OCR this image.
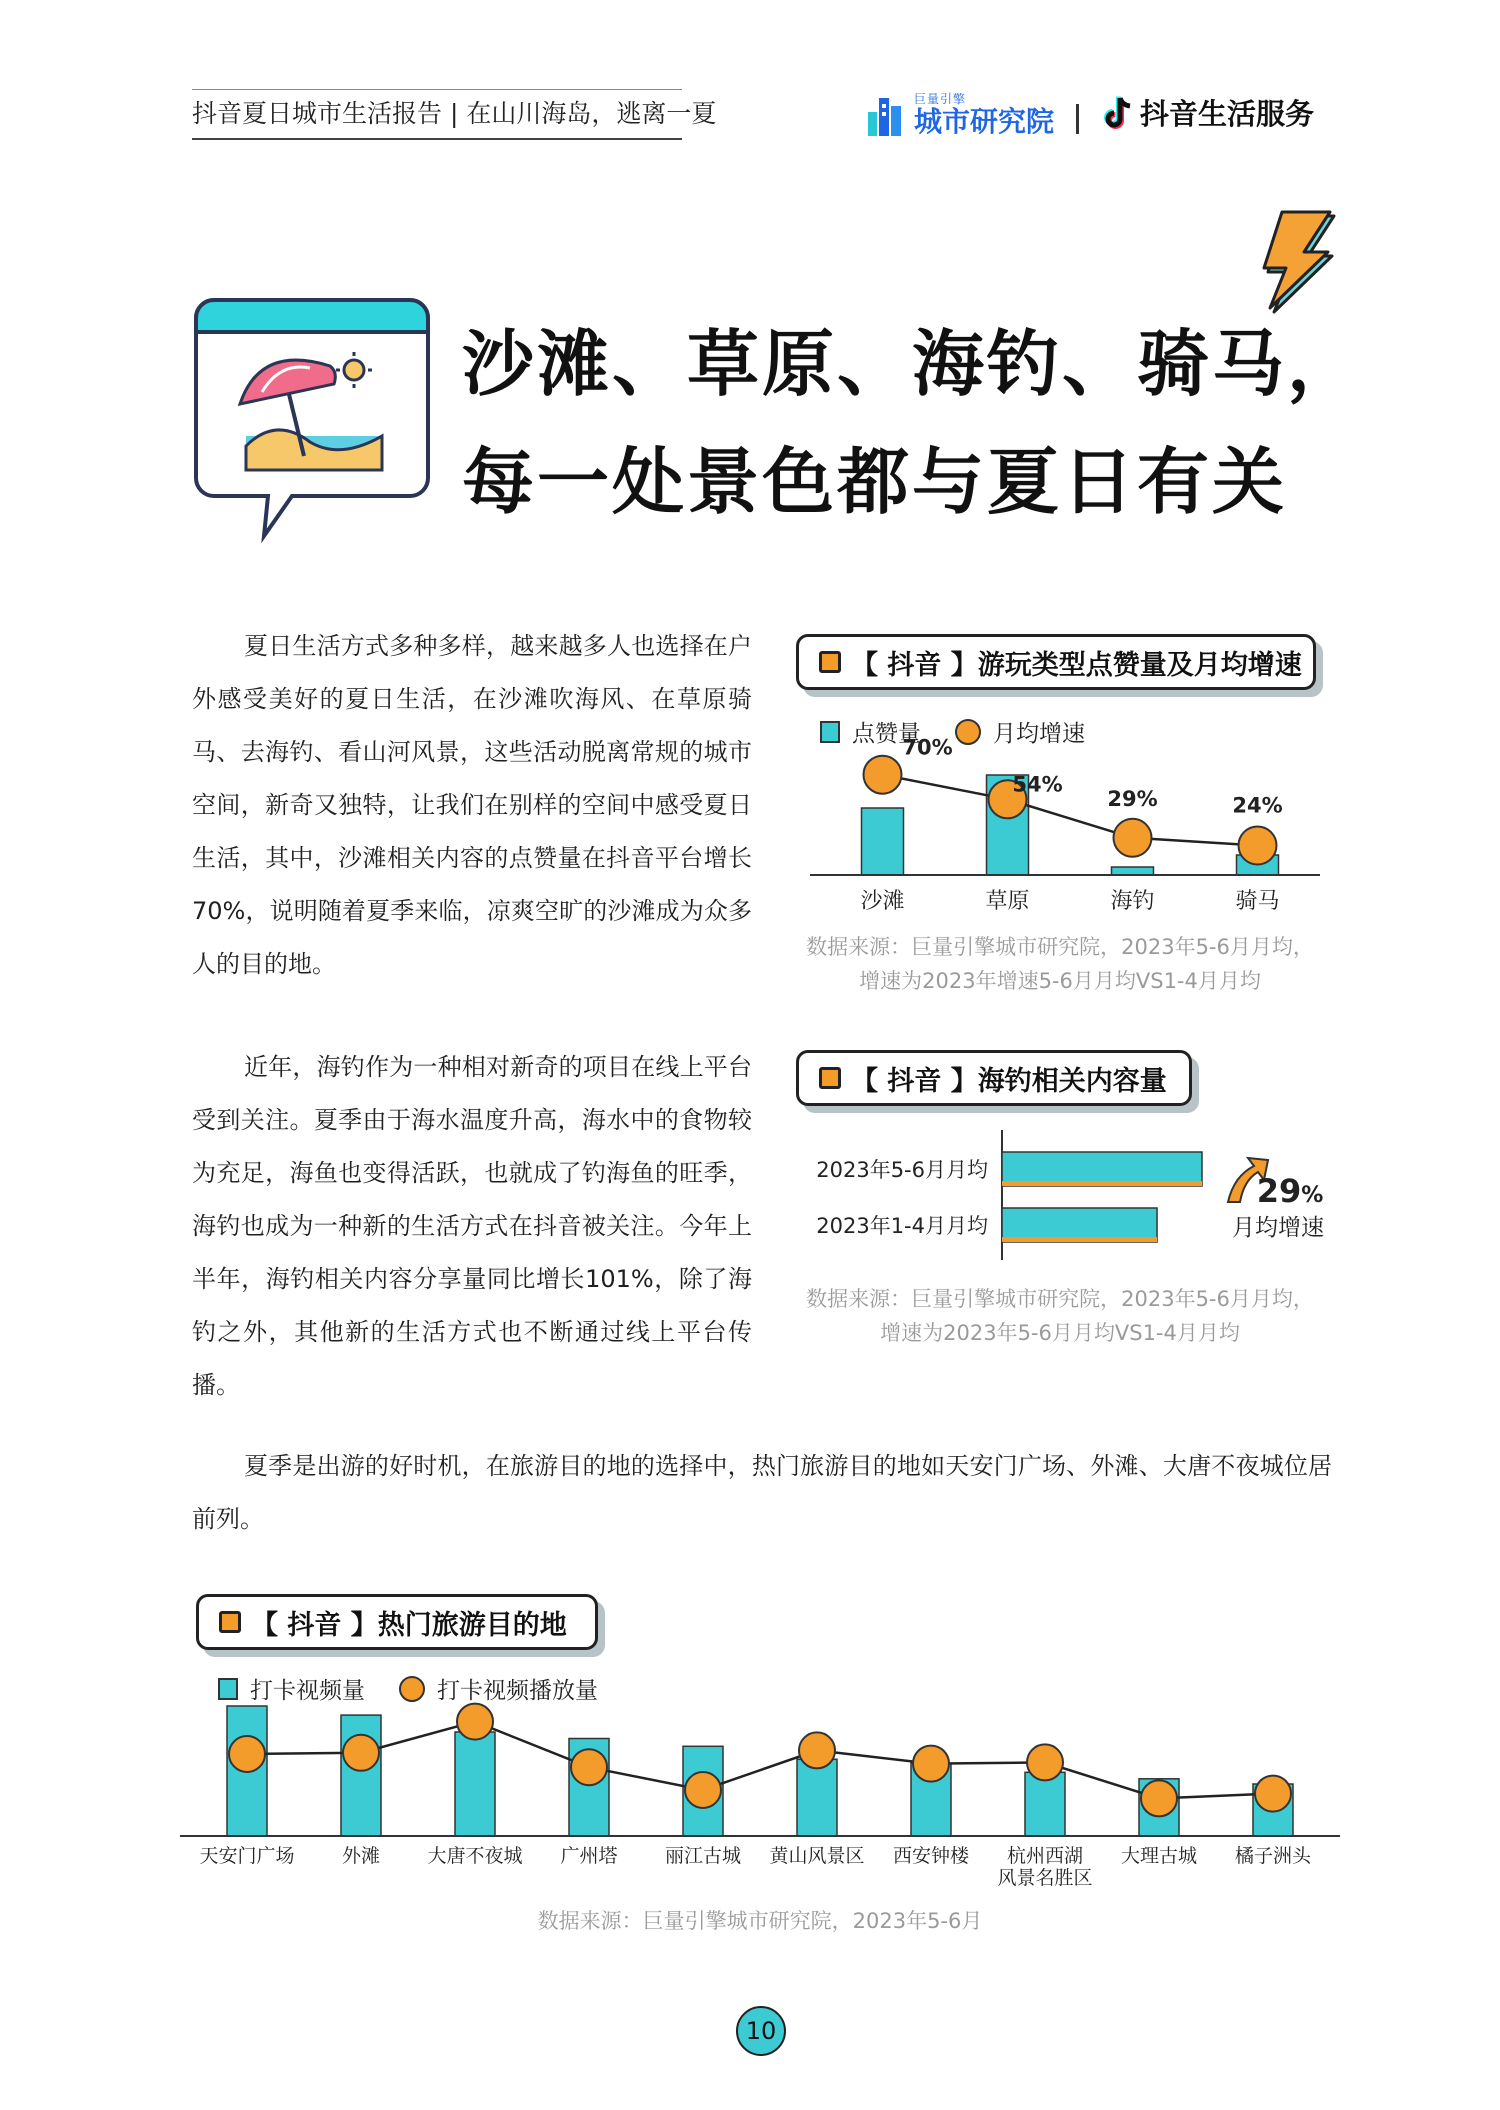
抖音夏日城市生活报告 | 在山川海岛，逃离一夏
巨量引擎
城市研究院	抖音生活服务
沙滩、草原、海钓、骑马，
每一处景色都与夏日有关
夏日生活方式多种多样，越来越多人也选择在户外感受美好的夏日生活，在沙滩吹海风、在草原骑马、去海钓、看山河风景，这些活动脱离常规的城市空间，新奇又独特，让我们在别样的空间中感受夏日生活，其中，沙滩相关内容的点赞量在抖音平台增长70%，说明随着夏季来临，凉爽空旷的沙滩成为众多人的目的地。
近年，海钓作为一种相对新奇的项目在线上平台受到关注。夏季由于海水温度升高，海水中的食物较为充足，海鱼也变得活跃，也就成了钓海鱼的旺季，海钓也成为一种新的生活方式在抖音被关注。今年上半年，海钓相关内容分享量同比增长101%，除了海钓之外，其他新的生活方式也不断通过线上平台传播。
夏季是出游的好时机，在旅游目的地的选择中，热门旅游目的地如天安门广场、外滩、大唐不夜城位居前列。
【 抖音 】游玩类型点赞量及月均增速
点赞量	月均增速
沙滩	草原	海钓	骑马
70%
54%
29%	24%
数据来源：巨量引擎城市研究院，2023年5-6月月均，
增速为2023年增速5-6月月均VS1-4月月均
【 抖音 】海钓相关内容量
2023年5-6月月均
2023年1-4月月均
29%
月均增速
数据来源：巨量引擎城市研究院，2023年5-6月月均，
增速为2023年5-6月月均VS1-4月月均
【 抖音 】热门旅游目的地
打卡视频量	打卡视频播放量
天安门广场 外滩 大唐不夜城 广州塔 丽江古城 黄山风景区 西安钟楼 杭州西湖
风景名胜区
大理古城 橘子洲头
数据来源：巨量引擎城市研究院，2023年5-6月
10
